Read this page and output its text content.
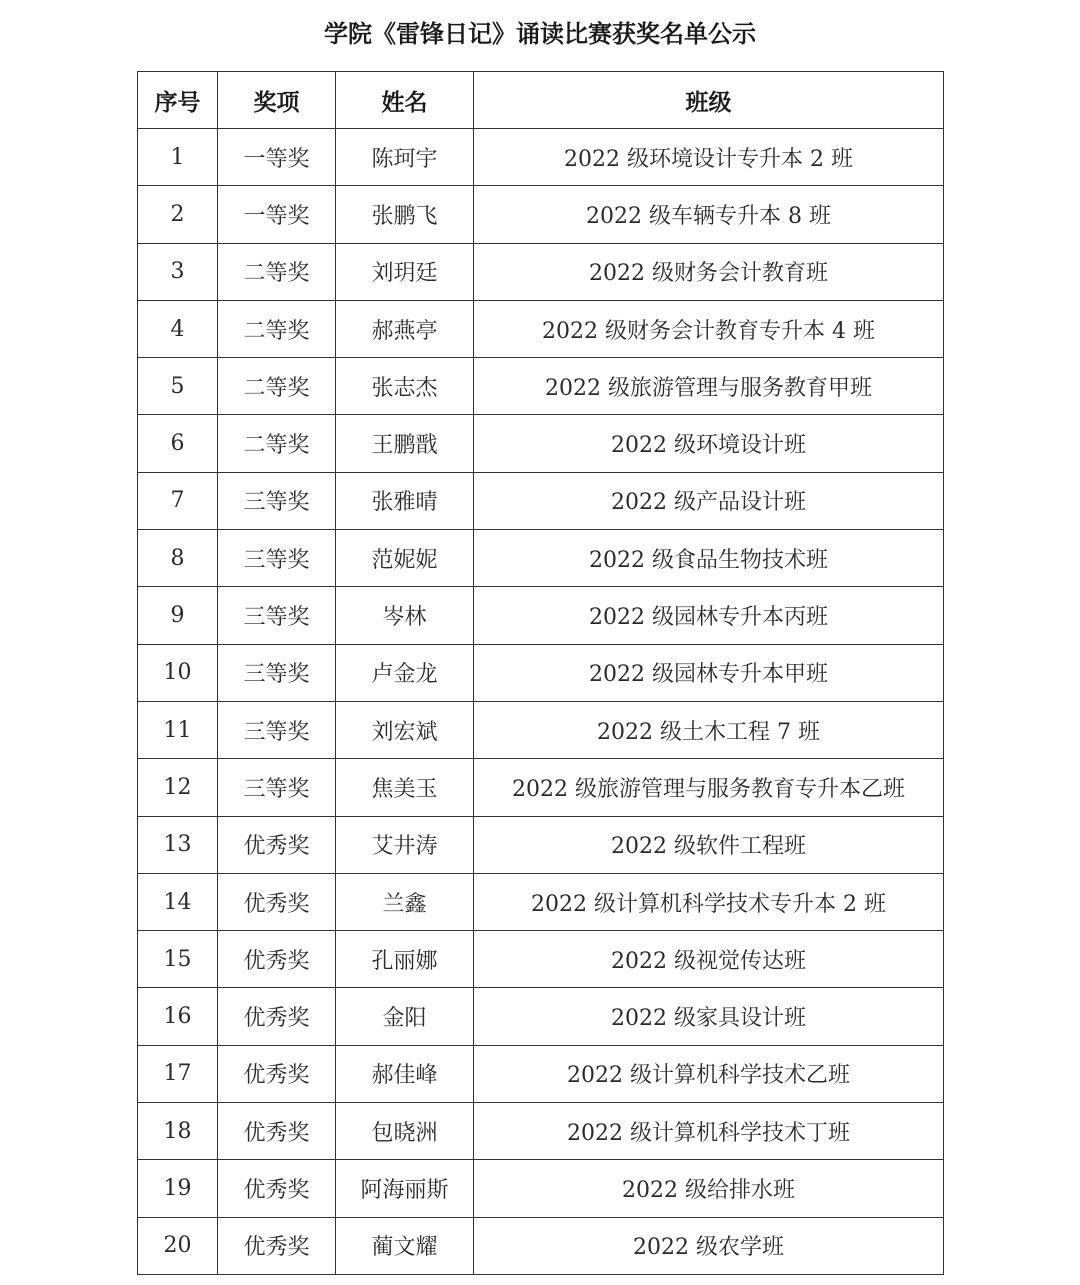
学院《雷锋日记》诵读比赛获奖名单公示
序号	奖项	姓名	班级
1	一等奖	陈珂宇	2022 级环境设计专升本 2 班
2	一等奖	张鹏飞	2022 级车辆专升本 8 班
3	二等奖	刘玥廷	2022 级财务会计教育班
4	二等奖	郝燕亭	2022 级财务会计教育专升本 4 班
5	二等奖	张志杰	2022 级旅游管理与服务教育甲班
6	二等奖	王鹏戬	2022 级环境设计班
7	三等奖	张雅晴	2022 级产品设计班
8	三等奖	范妮妮	2022 级食品生物技术班
9	三等奖	岑林	2022 级园林专升本丙班
10	三等奖	卢金龙	2022 级园林专升本甲班
11	三等奖	刘宏斌	2022 级土木工程 7 班
12	三等奖	焦美玉	2022 级旅游管理与服务教育专升本乙班
13	优秀奖	艾井涛	2022 级软件工程班
14	优秀奖	兰鑫	2022 级计算机科学技术专升本 2 班
15	优秀奖	孔丽娜	2022 级视觉传达班
16	优秀奖	金阳	2022 级家具设计班
17	优秀奖	郝佳峰	2022 级计算机科学技术乙班
18	优秀奖	包晓洲	2022 级计算机科学技术丁班
19	优秀奖	阿海丽斯	2022 级给排水班
20	优秀奖	蔺文耀	2022 级农学班
